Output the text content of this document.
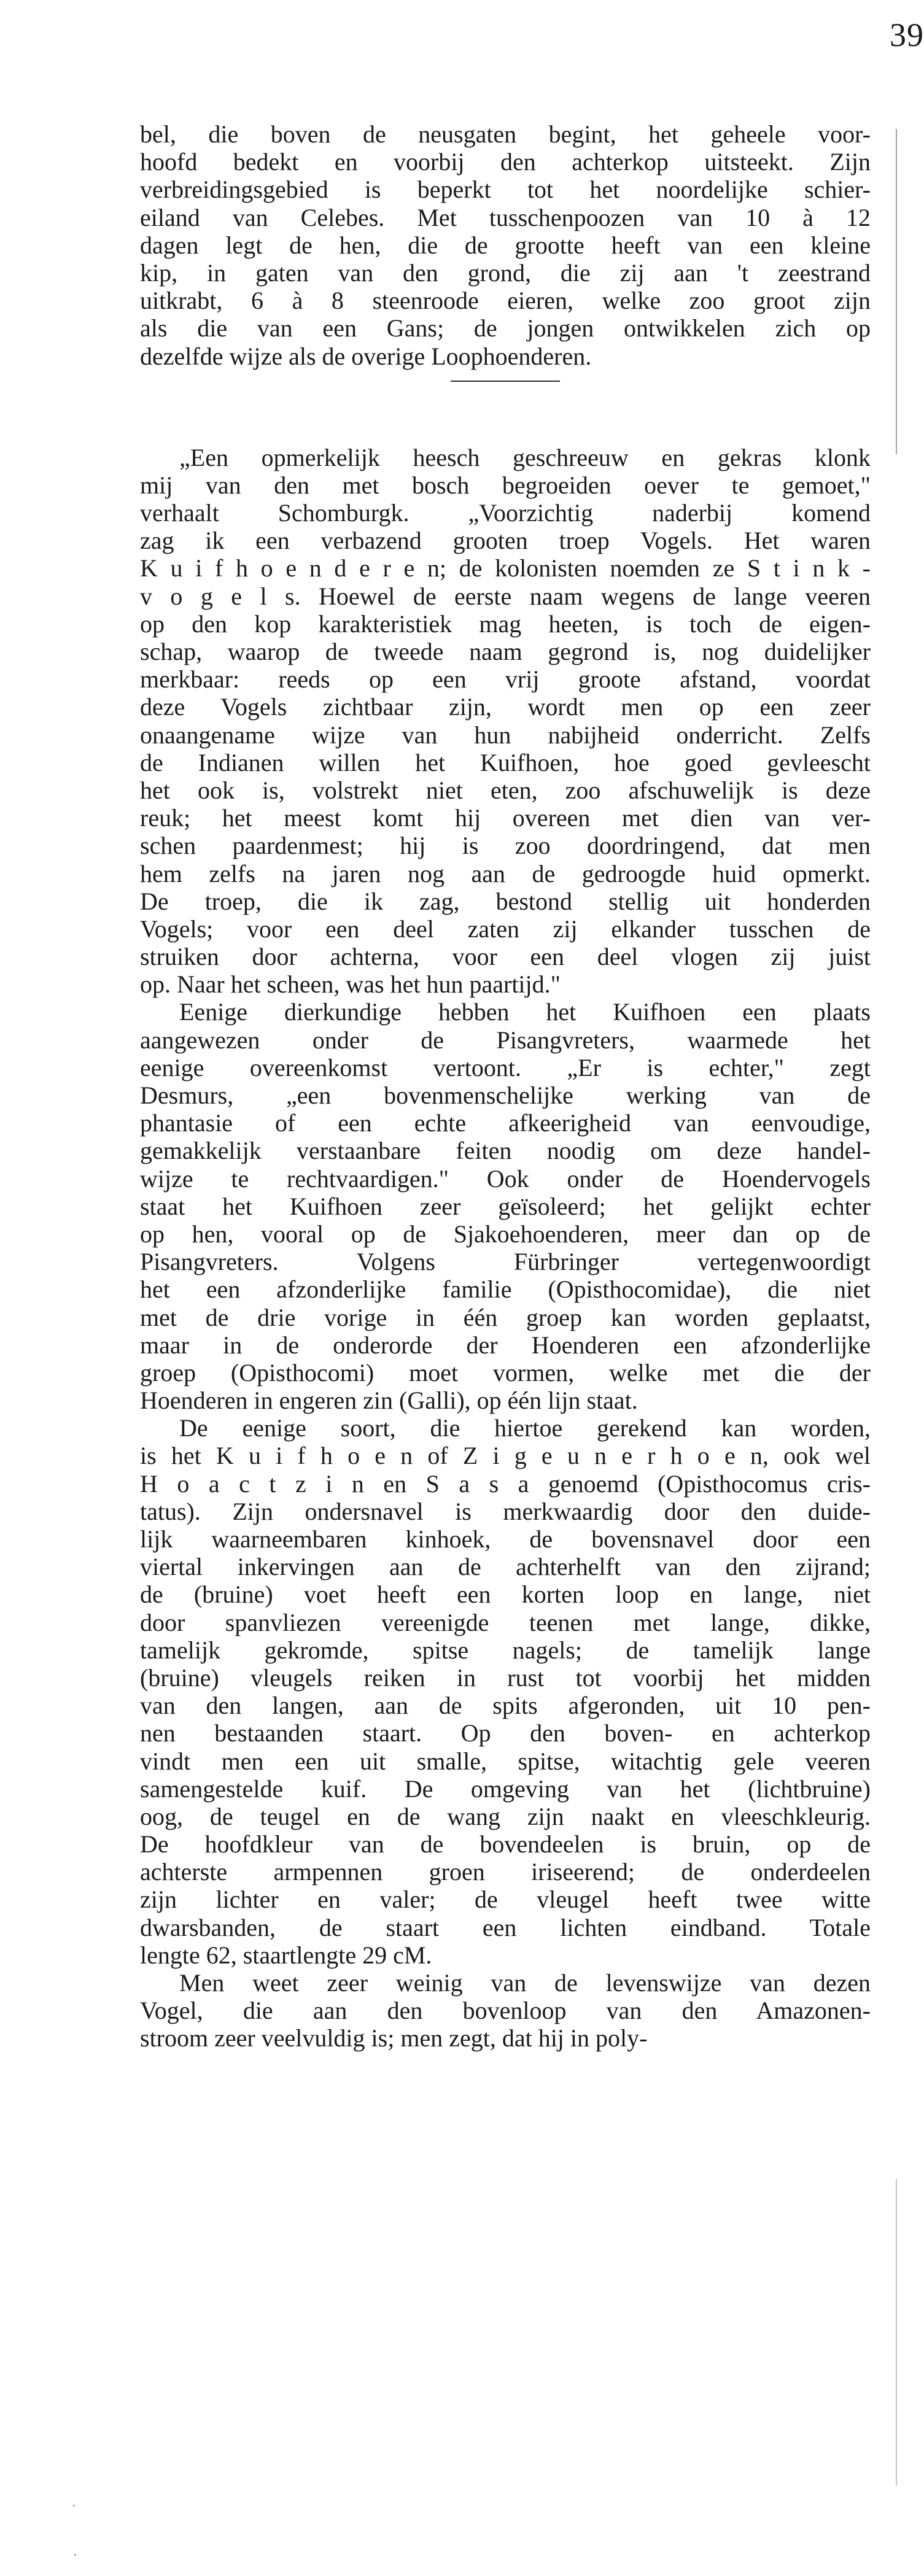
39
·
·
bel, die boven de neusgaten begint, het geheele voor-
hoofd bedekt en voorbij den achterkop uitsteekt. Zijn
verbreidingsgebied is beperkt tot het noordelijke schier-
eiland van Celebes. Met tusschenpoozen van 10 à 12
dagen legt de hen, die de grootte heeft van een kleine
kip, in gaten van den grond, die zij aan 't zeestrand
uitkrabt, 6 à 8 steenroode eieren, welke zoo groot zijn
als die van een Gans; de jongen ontwikkelen zich op
dezelfde wijze als de overige Loophoenderen.
„Een opmerkelijk heesch geschreeuw en gekras klonk
mij van den met bosch begroeiden oever te gemoet,"
verhaalt Schomburgk. „Voorzichtig naderbij komend
zag ik een verbazend grooten troep Vogels. Het waren
K u i f h o e n d e r e n; de kolonisten noemden ze S t i n k -
v o g e l s. Hoewel de eerste naam wegens de lange veeren
op den kop karakteristiek mag heeten, is toch de eigen-
schap, waarop de tweede naam gegrond is, nog duidelijker
merkbaar: reeds op een vrij groote afstand, voordat
deze Vogels zichtbaar zijn, wordt men op een zeer
onaangename wijze van hun nabijheid onderricht. Zelfs
de Indianen willen het Kuifhoen, hoe goed gevleescht
het ook is, volstrekt niet eten, zoo afschuwelijk is deze
reuk; het meest komt hij overeen met dien van ver-
schen paardenmest; hij is zoo doordringend, dat men
hem zelfs na jaren nog aan de gedroogde huid opmerkt.
De troep, die ik zag, bestond stellig uit honderden
Vogels; voor een deel zaten zij elkander tusschen de
struiken door achterna, voor een deel vlogen zij juist
op. Naar het scheen, was het hun paartijd."
Eenige dierkundige hebben het Kuifhoen een plaats
aangewezen onder de Pisangvreters, waarmede het
eenige overeenkomst vertoont. „Er is echter," zegt
Desmurs, „een bovenmenschelijke werking van de
phantasie of een echte afkeerigheid van eenvoudige,
gemakkelijk verstaanbare feiten noodig om deze handel-
wijze te rechtvaardigen." Ook onder de Hoendervogels
staat het Kuifhoen zeer geïsoleerd; het gelijkt echter
op hen, vooral op de Sjakoehoenderen, meer dan op de
Pisangvreters. Volgens Fürbringer vertegenwoordigt
het een afzonderlijke familie (Opisthocomidae), die niet
met de drie vorige in één groep kan worden geplaatst,
maar in de onderorde der Hoenderen een afzonderlijke
groep (Opisthocomi) moet vormen, welke met die der
Hoenderen in engeren zin (Galli), op één lijn staat.
De eenige soort, die hiertoe gerekend kan worden,
is het K u i f h o e n of Z i g e u n e r h o e n, ook wel
H o a c t z i n en S a s a genoemd (Opisthocomus cris-
tatus). Zijn ondersnavel is merkwaardig door den duide-
lijk waarneembaren kinhoek, de bovensnavel door een
viertal inkervingen aan de achterhelft van den zijrand;
de (bruine) voet heeft een korten loop en lange, niet
door spanvliezen vereenigde teenen met lange, dikke,
tamelijk gekromde, spitse nagels; de tamelijk lange
(bruine) vleugels reiken in rust tot voorbij het midden
van den langen, aan de spits afgeronden, uit 10 pen-
nen bestaanden staart. Op den boven- en achterkop
vindt men een uit smalle, spitse, witachtig gele veeren
samengestelde kuif. De omgeving van het (lichtbruine)
oog, de teugel en de wang zijn naakt en vleeschkleurig.
De hoofdkleur van de bovendeelen is bruin, op de
achterste armpennen groen iriseerend; de onderdeelen
zijn lichter en valer; de vleugel heeft twee witte
dwarsbanden, de staart een lichten eindband. Totale
lengte 62, staartlengte 29 cM.
Men weet zeer weinig van de levenswijze van dezen
Vogel, die aan den bovenloop van den Amazonen-
stroom zeer veelvuldig is; men zegt, dat hij in poly-
